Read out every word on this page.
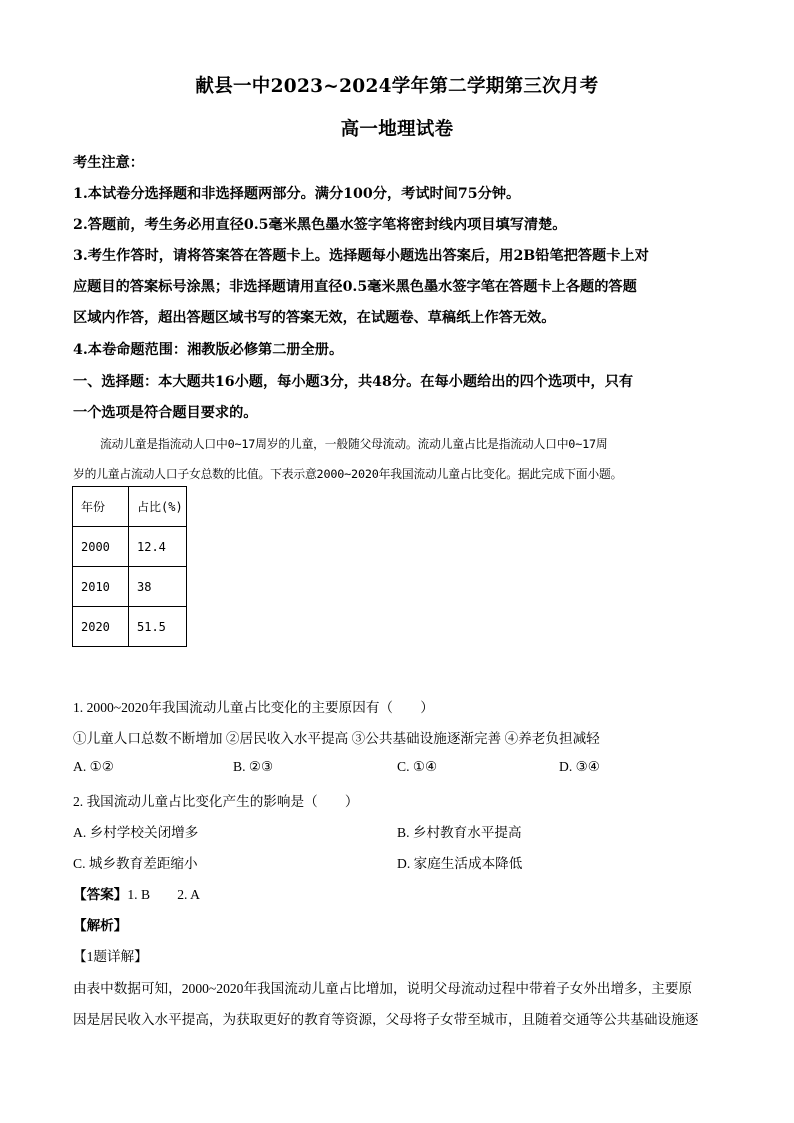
献县一中2023~2024学年第二学期第三次月考
高一地理试卷
考生注意：
1.本试卷分选择题和非选择题两部分。满分100分，考试时间75分钟。
2.答题前，考生务必用直径0.5毫米黑色墨水签字笔将密封线内项目填写清楚。
3.考生作答时，请将答案答在答题卡上。选择题每小题选出答案后，用2B铅笔把答题卡上对
应题目的答案标号涂黑；非选择题请用直径0.5毫米黑色墨水签字笔在答题卡上各题的答题
区域内作答，超出答题区域书写的答案无效，在试题卷、草稿纸上作答无效。
4.本卷命题范围：湘教版必修第二册全册。
一、选择题：本大题共16小题，每小题3分，共48分。在每小题给出的四个选项中，只有
一个选项是符合题目要求的。
流动儿童是指流动人口中0~17周岁的儿童，一般随父母流动。流动儿童占比是指流动人口中0~17周
岁的儿童占流动人口子女总数的比值。下表示意2000~2020年我国流动儿童占比变化。据此完成下面小题。
年份	占比(%)
2000	12.4
2010	38
2020	51.5
1. 2000~2020年我国流动儿童占比变化的主要原因有（　　）
①儿童人口总数不断增加 ②居民收入水平提高 ③公共基础设施逐渐完善 ④养老负担减轻
A. ①②	B. ②③	C. ①④	D. ③④
2. 我国流动儿童占比变化产生的影响是（　　）
A. 乡村学校关闭增多	B. 乡村教育水平提高
C. 城乡教育差距缩小	D. 家庭生活成本降低
【答案】1. B　　2. A
【解析】
【1题详解】
由表中数据可知，2000~2020年我国流动儿童占比增加，说明父母流动过程中带着子女外出增多，主要原
因是居民收入水平提高，为获取更好的教育等资源，父母将子女带至城市，且随着交通等公共基础设施逐
